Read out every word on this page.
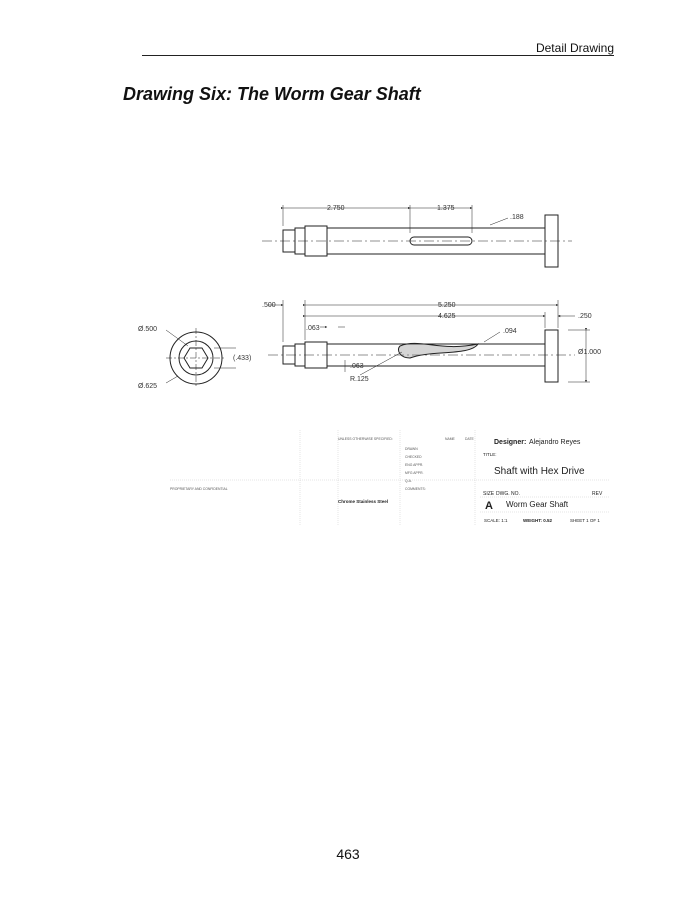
Detail Drawing
Drawing Six: The Worm Gear Shaft
2.750	1.375
.188
Ø.500
(.433)
Ø.625
.500	5.250
4.625	.250
.063	.094
.063
R.125
Ø1.000
UNLESS OTHERWISE SPECIFIED:	NAME	DATE
DRAWN
CHECKED
ENG APPR.
MFG APPR.
Q.A.
COMMENTS:
PROPRIETARY AND CONFIDENTIAL
Chrome Stainless Steel
Designer: Alejandro Reyes
TITLE:
Shaft with Hex Drive
SIZE DWG. NO.	REV
A Worm Gear Shaft
SCALE: 1:1	WEIGHT: 0.52	SHEET 1 OF 1
463
